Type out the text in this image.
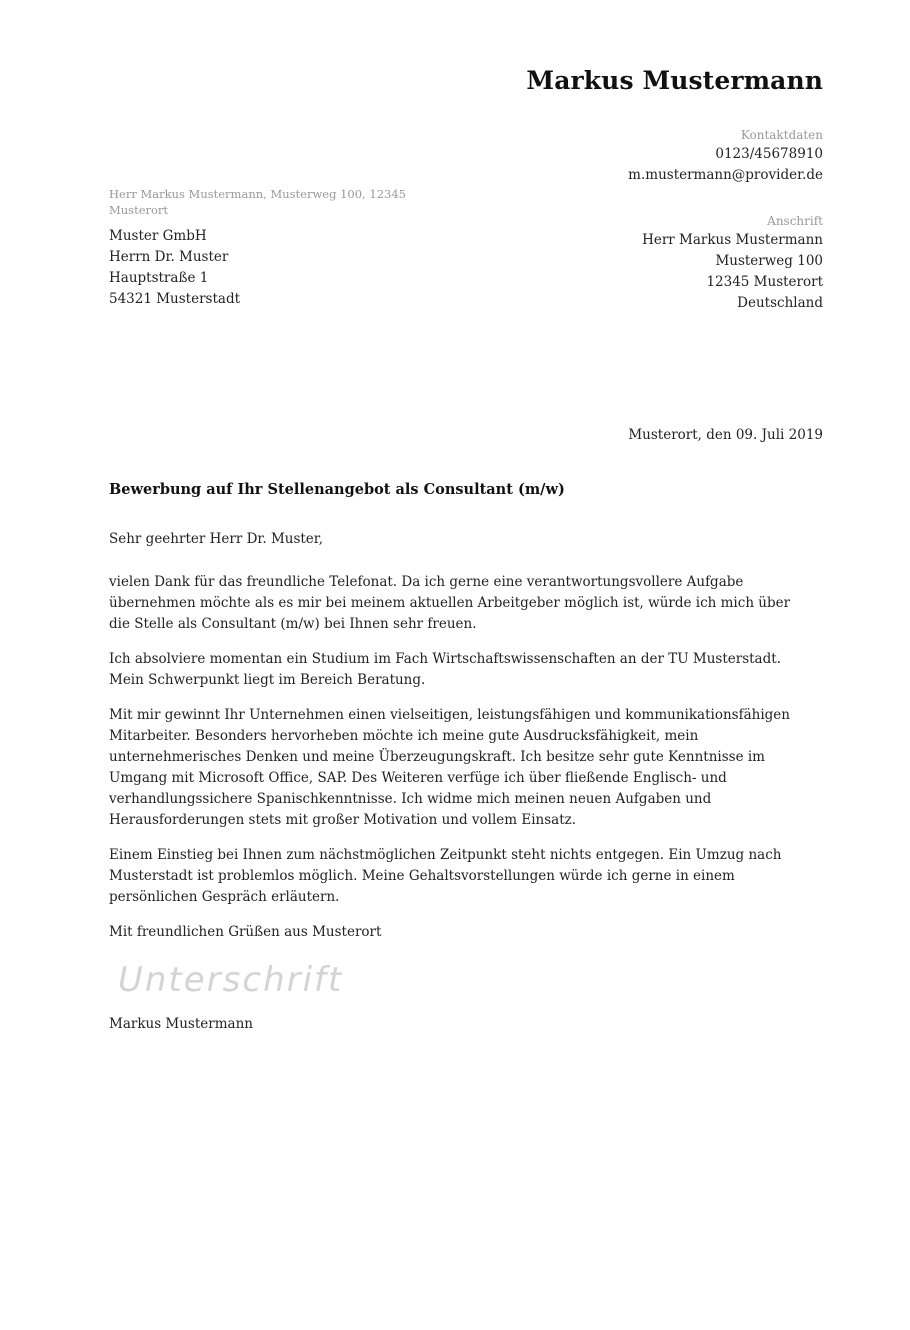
Markus Mustermann
Kontaktdaten
0123/45678910
m.mustermann@provider.de
Anschrift
Herr Markus Mustermann
Musterweg 100
12345 Musterort
Deutschland
Herr Markus Mustermann, Musterweg 100, 12345 Musterort
Muster GmbH
Herrn Dr. Muster
Hauptstraße 1
54321 Musterstadt
Musterort, den 09. Juli 2019
Bewerbung auf Ihr Stellenangebot als Consultant (m/w)
Sehr geehrter Herr Dr. Muster,

vielen Dank für das freundliche Telefonat. Da ich gerne eine verantwortungsvollere Aufgabe übernehmen möchte als es mir bei meinem aktuellen Arbeitgeber möglich ist, würde ich mich über die Stelle als Consultant (m/w) bei Ihnen sehr freuen.

Ich absolviere momentan ein Studium im Fach Wirtschaftswissenschaften an der TU Musterstadt. Mein Schwerpunkt liegt im Bereich Beratung.

Mit mir gewinnt Ihr Unternehmen einen vielseitigen, leistungsfähigen und kommunikationsfähigen Mitarbeiter. Besonders hervorheben möchte ich meine gute Ausdrucksfähigkeit, mein unternehmerisches Denken und meine Überzeugungskraft. Ich besitze sehr gute Kenntnisse im Umgang mit Microsoft Office, SAP. Des Weiteren verfüge ich über fließende Englisch- und verhandlungssichere Spanischkenntnisse. Ich widme mich meinen neuen Aufgaben und Herausforderungen stets mit großer Motivation und vollem Einsatz.

Einem Einstieg bei Ihnen zum nächstmöglichen Zeitpunkt steht nichts entgegen. Ein Umzug nach Musterstadt ist problemlos möglich. Meine Gehaltsvorstellungen würde ich gerne in einem persönlichen Gespräch erläutern.

Mit freundlichen Grüßen aus Musterort

Unterschrift
Markus Mustermann
